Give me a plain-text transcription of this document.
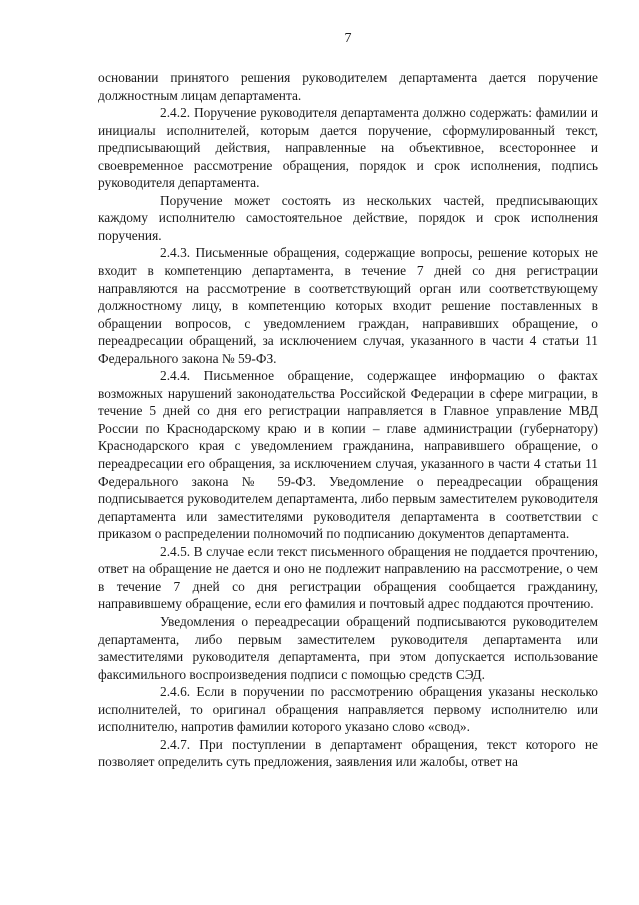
7

основании принятого решения руководителем департамента дается поручение должностным лицам департамента.

2.4.2. Поручение руководителя департамента должно содержать: фамилии и инициалы исполнителей, которым дается поручение, сформулированный текст, предписывающий действия, направленные на объективное, всестороннее и своевременное рассмотрение обращения, порядок и срок исполнения, подпись руководителя департамента.

Поручение может состоять из нескольких частей, предписывающих каждому исполнителю самостоятельное действие, порядок и срок исполнения поручения.

2.4.3. Письменные обращения, содержащие вопросы, решение которых не входит в компетенцию департамента, в течение 7 дней со дня регистрации направляются на рассмотрение в соответствующий орган или соответствующему должностному лицу, в компетенцию которых входит решение поставленных в обращении вопросов, с уведомлением граждан, направивших обращение, о переадресации обращений, за исключением случая, указанного в части 4 статьи 11 Федерального закона № 59-ФЗ.

2.4.4. Письменное обращение, содержащее информацию о фактах возможных нарушений законодательства Российской Федерации в сфере миграции, в течение 5 дней со дня его регистрации направляется в Главное управление МВД России по Краснодарскому краю и в копии – главе администрации (губернатору) Краснодарского края с уведомлением гражданина, направившего обращение, о переадресации его обращения, за исключением случая, указанного в части 4 статьи 11 Федерального закона № 59-ФЗ. Уведомление о переадресации обращения подписывается руководителем департамента, либо первым заместителем руководителя департамента или заместителями руководителя департамента в соответствии с приказом о распределении полномочий по подписанию документов департамента.

2.4.5. В случае если текст письменного обращения не поддается прочтению, ответ на обращение не дается и оно не подлежит направлению на рассмотрение, о чем в течение 7 дней со дня регистрации обращения сообщается гражданину, направившему обращение, если его фамилия и почтовый адрес поддаются прочтению.

Уведомления о переадресации обращений подписываются руководителем департамента, либо первым заместителем руководителя департамента или заместителями руководителя департамента, при этом допускается использование факсимильного воспроизведения подписи с помощью средств СЭД.

2.4.6. Если в поручении по рассмотрению обращения указаны несколько исполнителей, то оригинал обращения направляется первому исполнителю или исполнителю, напротив фамилии которого указано слово «свод».

2.4.7. При поступлении в департамент обращения, текст которого не позволяет определить суть предложения, заявления или жалобы, ответ на
